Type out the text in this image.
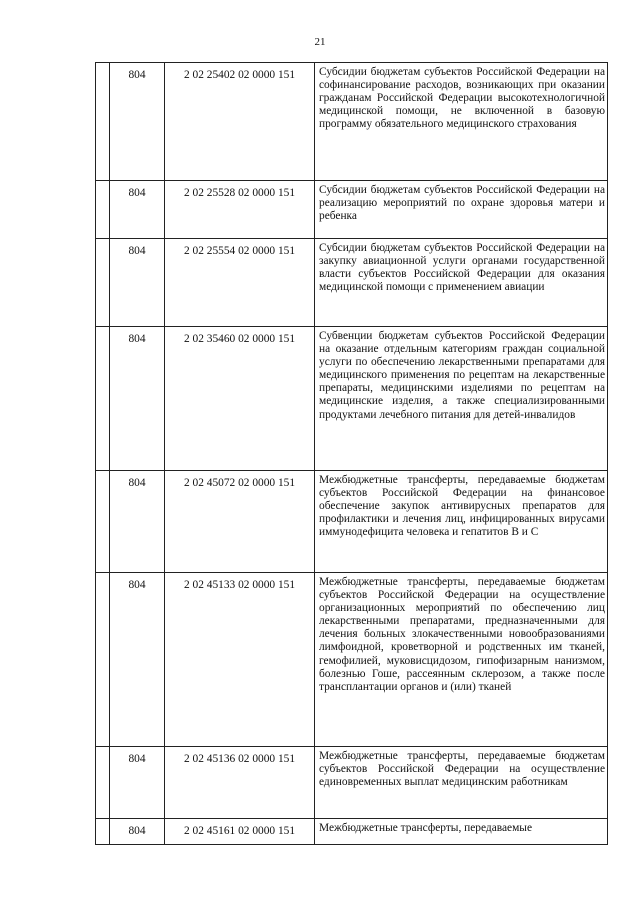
21
	804	2 02 25402 02 0000 151	Субсидии бюджетам субъектов Российской Федерации на софинансирование расходов, возникающих при оказании гражданам Российской Федерации высокотехнологичной медицинской помощи, не включенной в базовую программу обязательного медицинского страхования
	804	2 02 25528 02 0000 151	Субсидии бюджетам субъектов Российской Федерации на реализацию мероприятий по охране здоровья матери и ребенка
	804	2 02 25554 02 0000 151	Субсидии бюджетам субъектов Российской Федерации на закупку авиационной услуги органами государственной власти субъектов Российской Федерации для оказания медицинской помощи с применением авиации
	804	2 02 35460 02 0000 151	Субвенции бюджетам субъектов Российской Федерации на оказание отдельным категориям граждан социальной услуги по обеспечению лекарственными препаратами для медицинского применения по рецептам на лекарственные препараты, медицинскими изделиями по рецептам на медицинские изделия, а также специализированными продуктами лечебного питания для детей-инвалидов
	804	2 02 45072 02 0000 151	Межбюджетные трансферты, передаваемые бюджетам субъектов Российской Федерации на финансовое обеспечение закупок антивирусных препаратов для профилактики и лечения лиц, инфицированных вирусами иммунодефицита человека и гепатитов В и С
	804	2 02 45133 02 0000 151	Межбюджетные трансферты, передаваемые бюджетам субъектов Российской Федерации на осуществление организационных мероприятий по обеспечению лиц лекарственными препаратами, предназначенными для лечения больных злокачественными новообразованиями лимфоидной, кроветворной и родственных им тканей, гемофилией, муковисцидозом, гипофизарным нанизмом, болезнью Гоше, рассеянным склерозом, а также после трансплантации органов и (или) тканей
	804	2 02 45136 02 0000 151	Межбюджетные трансферты, передаваемые бюджетам субъектов Российской Федерации на осуществление единовременных выплат медицинским работникам
	804	2 02 45161 02 0000 151	Межбюджетные трансферты, передаваемые
